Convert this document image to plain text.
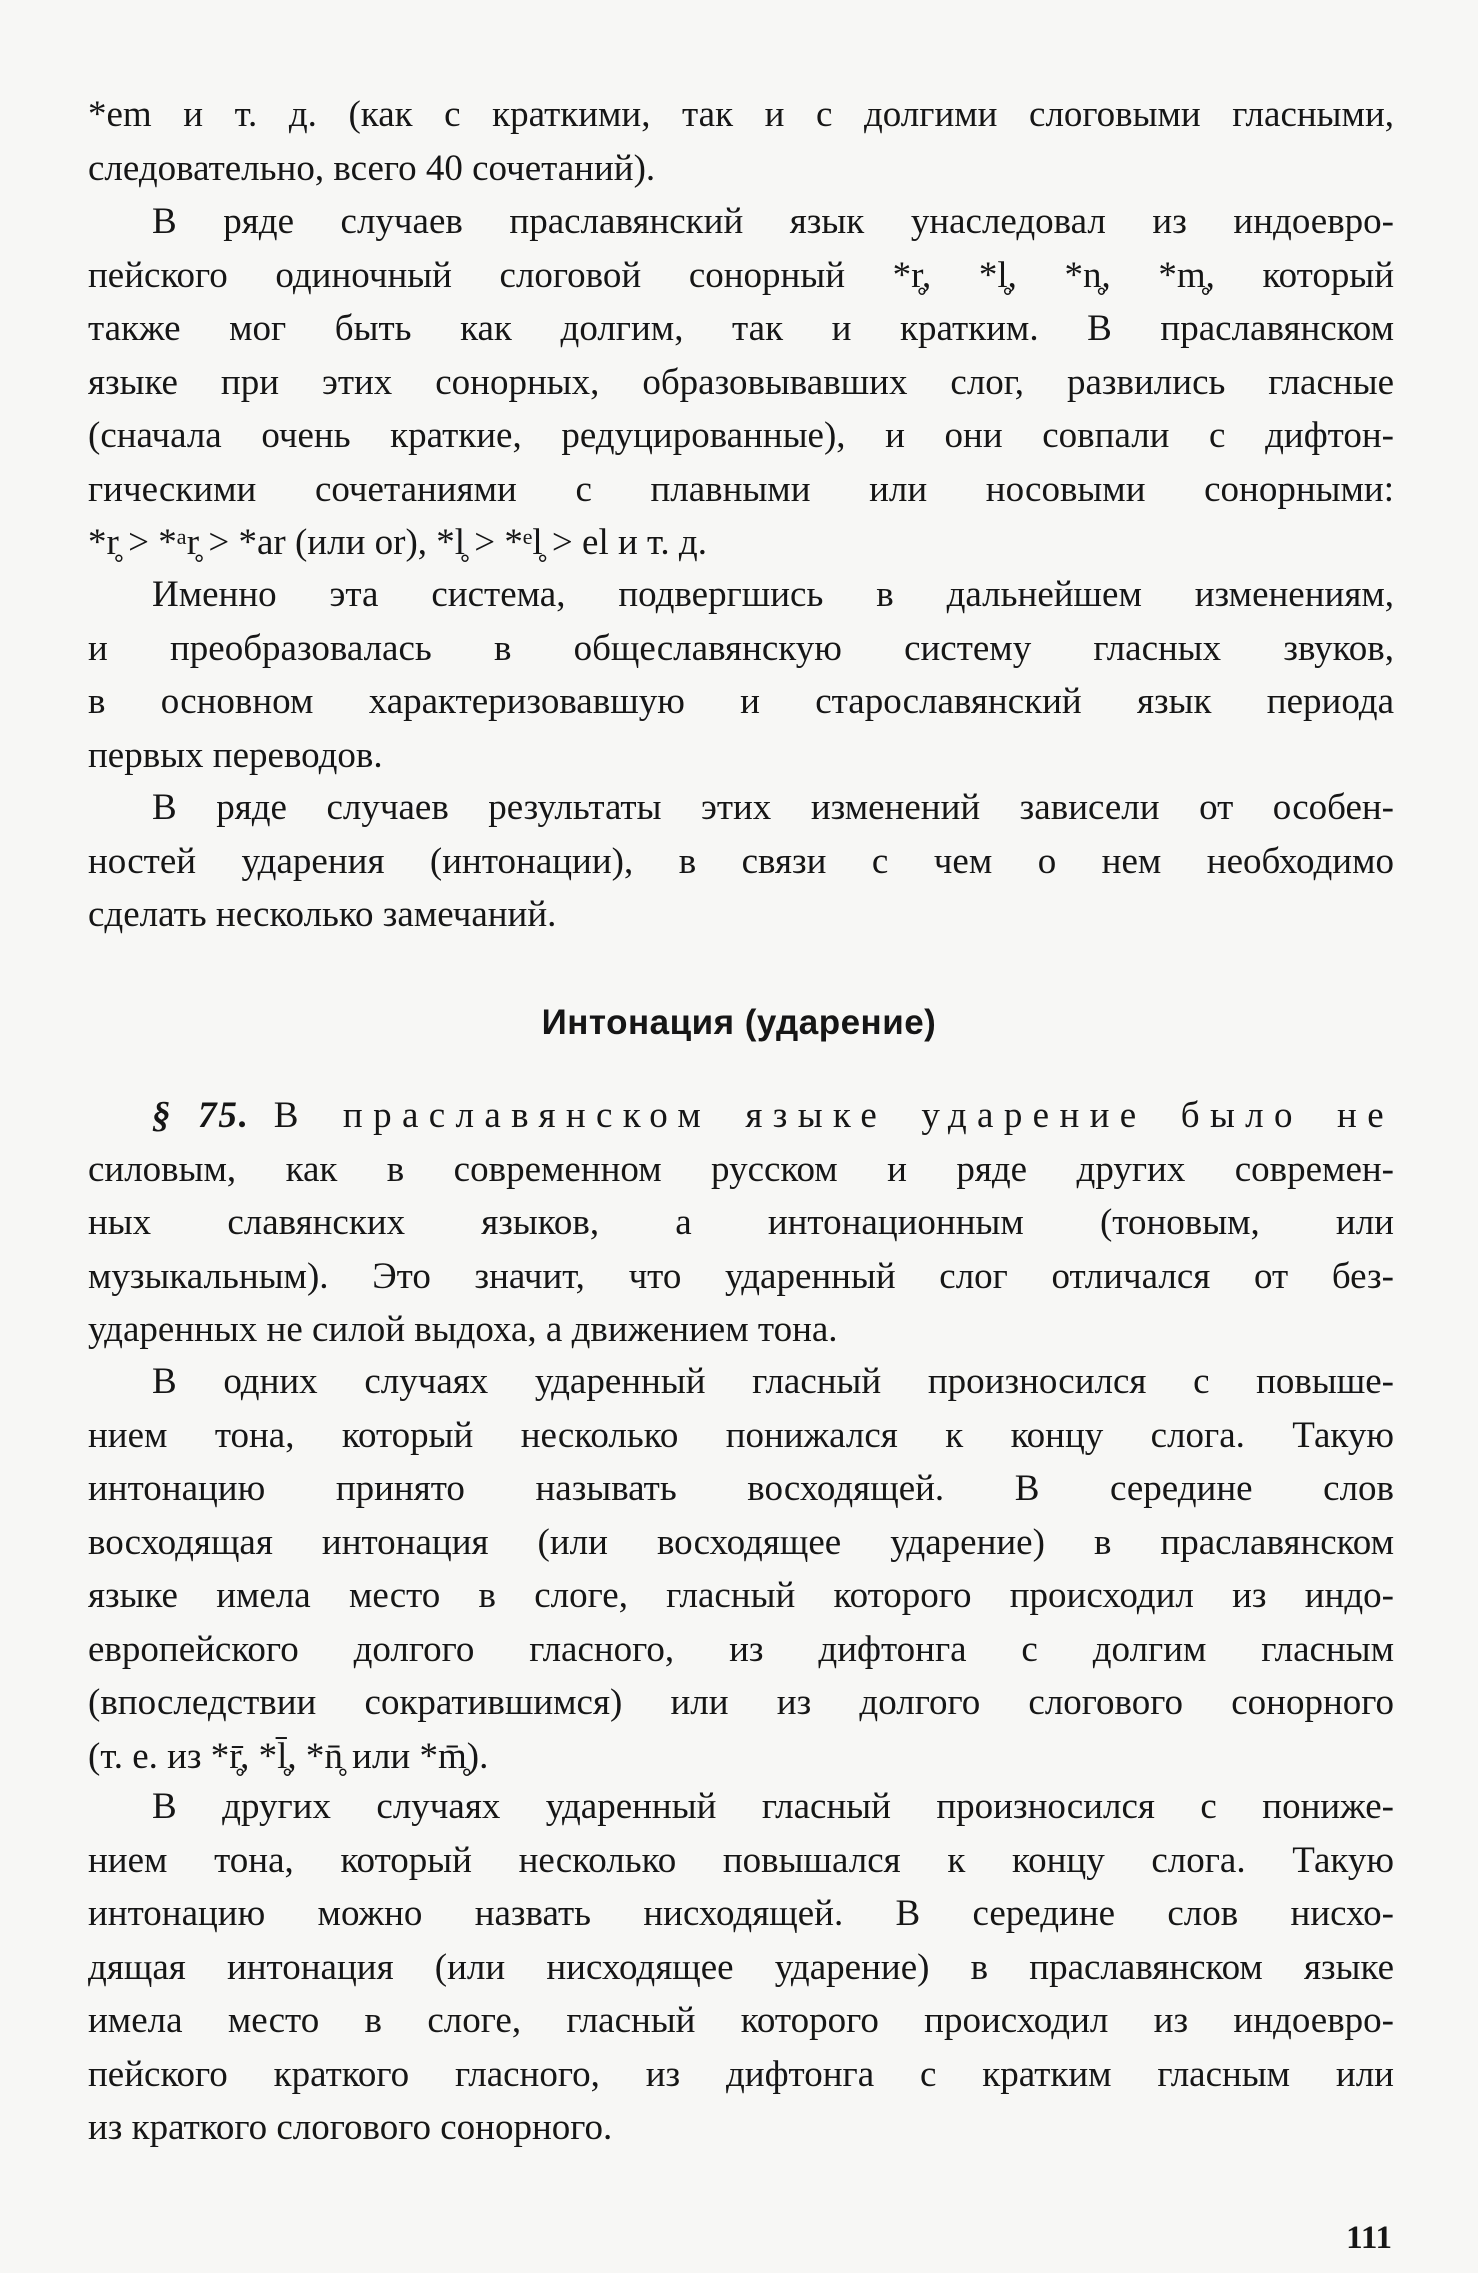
*em и т. д. (как с краткими, так и с долгими слоговыми гласными,
следовательно, всего 40 сочетаний).
В ряде случаев праславянский язык унаследовал из индоевро-
пейского одиночный слоговой сонорный *r̥, *l̥, *n̥, *m̥, который
также мог быть как долгим, так и кратким. В праславянском
языке при этих сонорных, образовывавших слог, развились гласные
(сначала очень краткие, редуцированные), и они совпали с дифтон-
гическими сочетаниями с плавными или носовыми сонорными:
*r̥ > *ᵃr̥ > *ar (или or), *l̥ > *ᵉl̥ > el и т. д.
Именно эта система, подвергшись в дальнейшем изменениям,
и преобразовалась в общеславянскую систему гласных звуков,
в основном характеризовавшую и старославянский язык периода
первых переводов.
В ряде случаев результаты этих изменений зависели от особен-
ностей ударения (интонации), в связи с чем о нем необходимо
сделать несколько замечаний.
Интонация (ударение)
§ 75. В праславянском языке ударение было не
силовым, как в современном русском и ряде других современ-
ных славянских языков, а интонационным (тоновым, или
музыкальным). Это значит, что ударенный слог отличался от без-
ударенных не силой выдоха, а движением тона.
В одних случаях ударенный гласный произносился с повыше-
нием тона, который несколько понижался к концу слога. Такую
интонацию принято называть восходящей. В середине слов
восходящая интонация (или восходящее ударение) в праславянском
языке имела место в слоге, гласный которого происходил из индо-
европейского долгого гласного, из дифтонга с долгим гласным
(впоследствии сократившимся) или из долгого слогового сонорного
(т. е. из *r̥̄, *l̥̄, *n̥̄ или *m̥̄).
В других случаях ударенный гласный произносился с пониже-
нием тона, который несколько повышался к концу слога. Такую
интонацию можно назвать нисходящей. В середине слов нисхо-
дящая интонация (или нисходящее ударение) в праславянском языке
имела место в слоге, гласный которого происходил из индоевро-
пейского краткого гласного, из дифтонга с кратким гласным или
из краткого слогового сонорного.
111
